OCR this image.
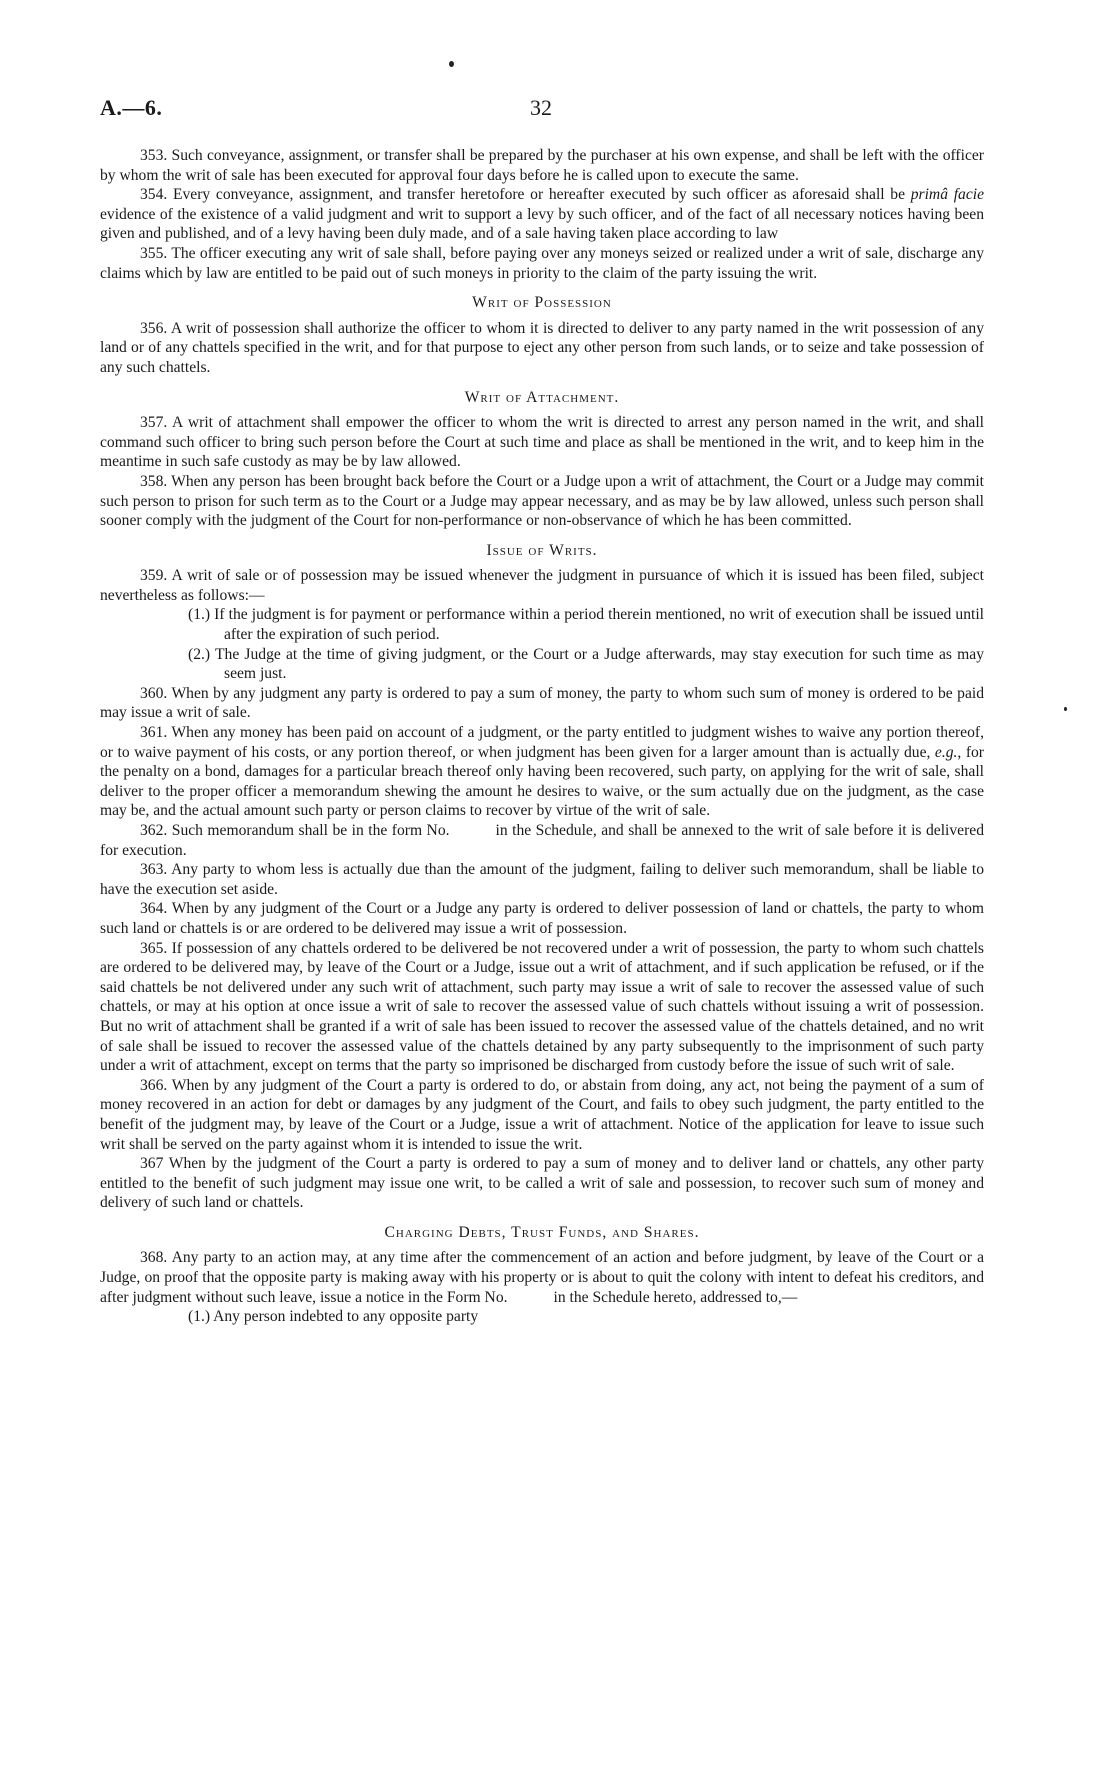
A.—6.	32

353. Such conveyance, assignment, or transfer shall be prepared by the purchaser at his own expense, and shall be left with the officer by whom the writ of sale has been executed for approval four days before he is called upon to execute the same.

354. Every conveyance, assignment, and transfer heretofore or hereafter executed by such officer as aforesaid shall be primâ facie evidence of the existence of a valid judgment and writ to support a levy by such officer, and of the fact of all necessary notices having been given and published, and of a levy having been duly made, and of a sale having taken place according to law

355. The officer executing any writ of sale shall, before paying over any moneys seized or realized under a writ of sale, discharge any claims which by law are entitled to be paid out of such moneys in priority to the claim of the party issuing the writ.

Writ of Possession

356. A writ of possession shall authorize the officer to whom it is directed to deliver to any party named in the writ possession of any land or of any chattels specified in the writ, and for that purpose to eject any other person from such lands, or to seize and take possession of any such chattels.

Writ of Attachment.

357. A writ of attachment shall empower the officer to whom the writ is directed to arrest any person named in the writ, and shall command such officer to bring such person before the Court at such time and place as shall be mentioned in the writ, and to keep him in the meantime in such safe custody as may be by law allowed.

358. When any person has been brought back before the Court or a Judge upon a writ of attachment, the Court or a Judge may commit such person to prison for such term as to the Court or a Judge may appear necessary, and as may be by law allowed, unless such person shall sooner comply with the judgment of the Court for non-performance or non-observance of which he has been committed.

Issue of Writs.

359. A writ of sale or of possession may be issued whenever the judgment in pursuance of which it is issued has been filed, subject nevertheless as follows:—

(1.) If the judgment is for payment or performance within a period therein mentioned, no writ of execution shall be issued until after the expiration of such period.

(2.) The Judge at the time of giving judgment, or the Court or a Judge afterwards, may stay execution for such time as may seem just.

360. When by any judgment any party is ordered to pay a sum of money, the party to whom such sum of money is ordered to be paid may issue a writ of sale.

361. When any money has been paid on account of a judgment, or the party entitled to judgment wishes to waive any portion thereof, or to waive payment of his costs, or any portion thereof, or when judgment has been given for a larger amount than is actually due, e.g., for the penalty on a bond, damages for a particular breach thereof only having been recovered, such party, on applying for the writ of sale, shall deliver to the proper officer a memorandum shewing the amount he desires to waive, or the sum actually due on the judgment, as the case may be, and the actual amount such party or person claims to recover by virtue of the writ of sale.

362. Such memorandum shall be in the form No.	in the Schedule, and shall be annexed to the writ of sale before it is delivered for execution.

363. Any party to whom less is actually due than the amount of the judgment, failing to deliver such memorandum, shall be liable to have the execution set aside.

364. When by any judgment of the Court or a Judge any party is ordered to deliver possession of land or chattels, the party to whom such land or chattels is or are ordered to be delivered may issue a writ of possession.

365. If possession of any chattels ordered to be delivered be not recovered under a writ of possession, the party to whom such chattels are ordered to be delivered may, by leave of the Court or a Judge, issue out a writ of attachment, and if such application be refused, or if the said chattels be not delivered under any such writ of attachment, such party may issue a writ of sale to recover the assessed value of such chattels, or may at his option at once issue a writ of sale to recover the assessed value of such chattels without issuing a writ of possession. But no writ of attachment shall be granted if a writ of sale has been issued to recover the assessed value of the chattels detained, and no writ of sale shall be issued to recover the assessed value of the chattels detained by any party subsequently to the imprisonment of such party under a writ of attachment, except on terms that the party so imprisoned be discharged from custody before the issue of such writ of sale.

366. When by any judgment of the Court a party is ordered to do, or abstain from doing, any act, not being the payment of a sum of money recovered in an action for debt or damages by any judgment of the Court, and fails to obey such judgment, the party entitled to the benefit of the judgment may, by leave of the Court or a Judge, issue a writ of attachment. Notice of the application for leave to issue such writ shall be served on the party against whom it is intended to issue the writ.

367 When by the judgment of the Court a party is ordered to pay a sum of money and to deliver land or chattels, any other party entitled to the benefit of such judgment may issue one writ, to be called a writ of sale and possession, to recover such sum of money and delivery of such land or chattels.

Charging Debts, Trust Funds, and Shares.

368. Any party to an action may, at any time after the commencement of an action and before judgment, by leave of the Court or a Judge, on proof that the opposite party is making away with his property or is about to quit the colony with intent to defeat his creditors, and after judgment without such leave, issue a notice in the Form No.	in the Schedule hereto, addressed to,—

(1.) Any person indebted to any opposite party
